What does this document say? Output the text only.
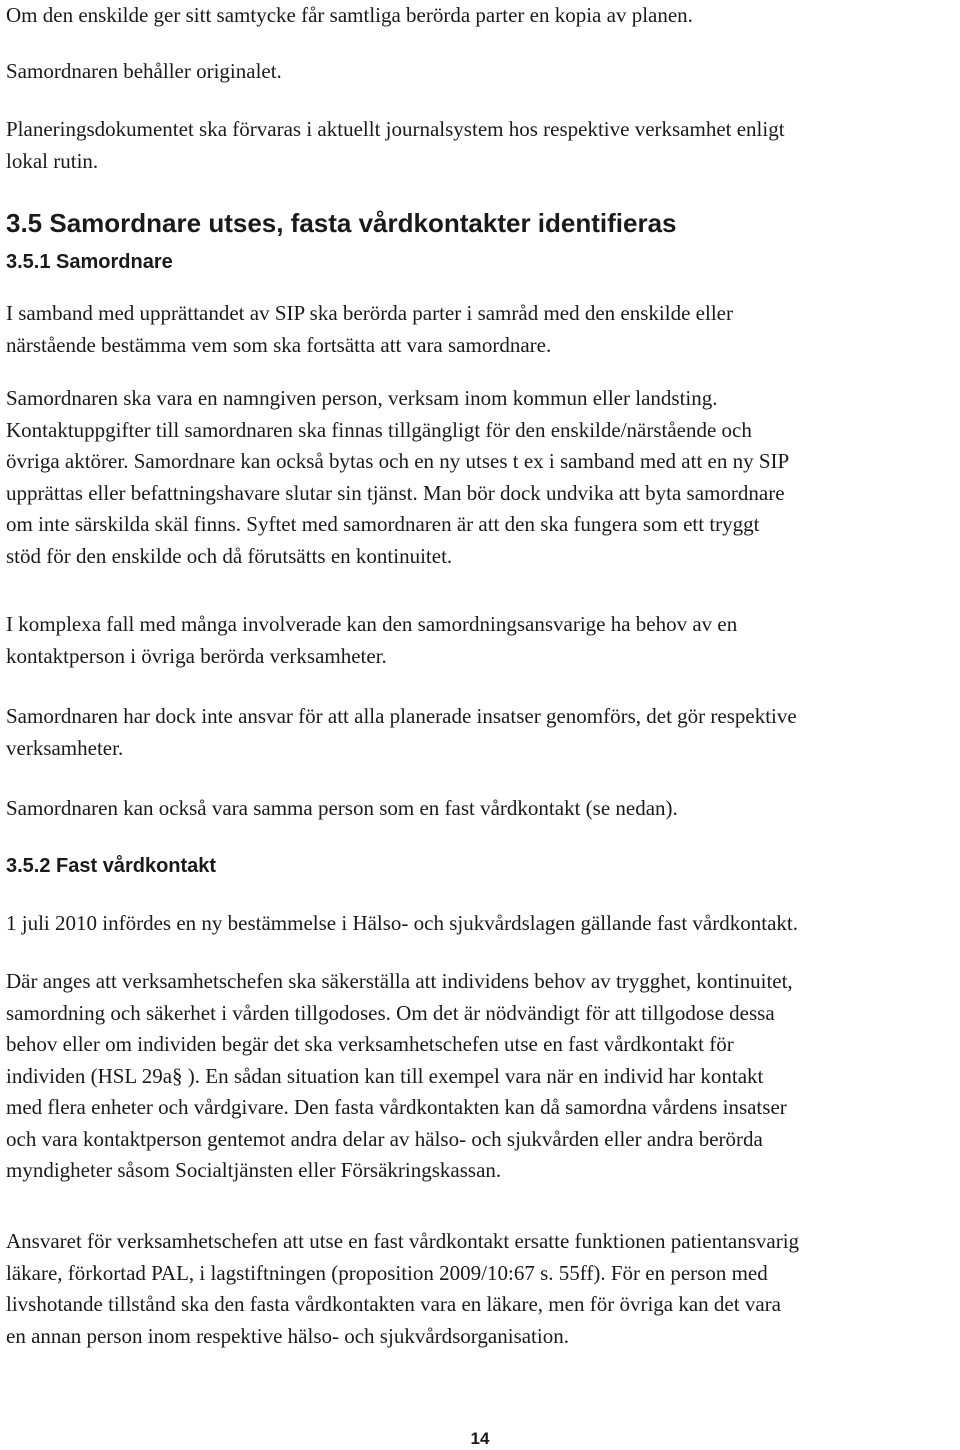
Om den enskilde ger sitt samtycke får samtliga berörda parter en kopia av planen.
Samordnaren behåller originalet.
Planeringsdokumentet ska förvaras i aktuellt journalsystem hos respektive verksamhet enligt
lokal rutin.
3.5 Samordnare utses, fasta vårdkontakter identifieras
3.5.1 Samordnare
I samband med upprättandet av SIP ska berörda parter i samråd med den enskilde eller
närstående bestämma vem som ska fortsätta att vara samordnare.
Samordnaren ska vara en namngiven person, verksam inom kommun eller landsting.
Kontaktuppgifter till samordnaren ska finnas tillgängligt för den enskilde/närstående och
övriga aktörer. Samordnare kan också bytas och en ny utses t ex i samband med att en ny SIP
upprättas eller befattningshavare slutar sin tjänst. Man bör dock undvika att byta samordnare
om inte särskilda skäl finns. Syftet med samordnaren är att den ska fungera som ett tryggt
stöd för den enskilde och då förutsätts en kontinuitet.
I komplexa fall med många involverade kan den samordningsansvarige ha behov av en
kontaktperson i övriga berörda verksamheter.
Samordnaren har dock inte ansvar för att alla planerade insatser genomförs, det gör respektive
verksamheter.
Samordnaren kan också vara samma person som en fast vårdkontakt (se nedan).
3.5.2 Fast vårdkontakt
1 juli 2010 infördes en ny bestämmelse i Hälso- och sjukvårdslagen gällande fast vårdkontakt.
Där anges att verksamhetschefen ska säkerställa att individens behov av trygghet, kontinuitet,
samordning och säkerhet i vården tillgodoses. Om det är nödvändigt för att tillgodose dessa
behov eller om individen begär det ska verksamhetschefen utse en fast vårdkontakt för
individen (HSL 29a§ ). En sådan situation kan till exempel vara när en individ har kontakt
med flera enheter och vårdgivare. Den fasta vårdkontakten kan då samordna vårdens insatser
och vara kontaktperson gentemot andra delar av hälso- och sjukvården eller andra berörda
myndigheter såsom Socialtjänsten eller Försäkringskassan.
Ansvaret för verksamhetschefen att utse en fast vårdkontakt ersatte funktionen patientansvarig
läkare, förkortad PAL, i lagstiftningen (proposition 2009/10:67 s. 55ff). För en person med
livshotande tillstånd ska den fasta vårdkontakten vara en läkare, men för övriga kan det vara
en annan person inom respektive hälso- och sjukvårdsorganisation.
14
